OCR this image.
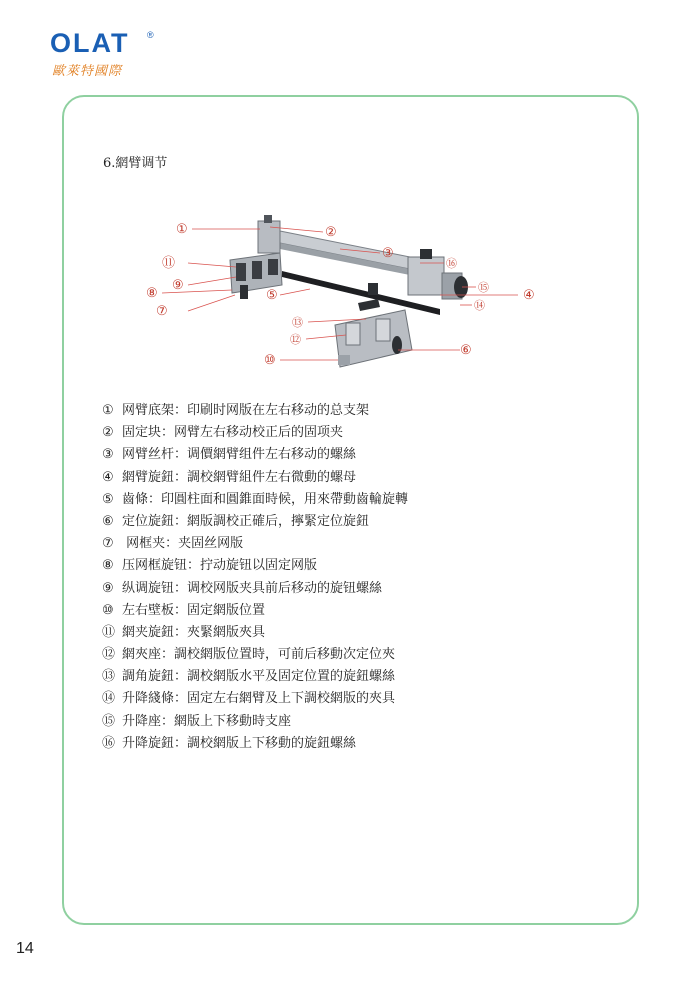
OLAT ®
歐萊特國際
6.網臂调节
①	②
③
④
⑤
⑥
⑦
⑧
⑨
⑩
⑪
⑫
⑬
⑭
⑮
⑯
① 网臂底架：印刷时网版在左右移动的总支架
② 固定块：网臂左右移动校正后的固项夹
③ 网臂丝杆：调價網臂组件左右移动的螺絲
④ 網臂旋鈕：調校網臂組件左右微動的螺母
⑤ 齒條：印圓柱面和圓錐面時候，用來帶動齒輪旋轉
⑥ 定位旋鈕：網版調校正確后，擰緊定位旋鈕
⑦ 网框夹：夹固丝网版
⑧ 压网框旋钮：拧动旋钮以固定网版
⑨ 纵调旋钮：调校网版夹具前后移动的旋钮螺絲
⑩ 左右壁板：固定網版位置
⑪ 網夹旋鈕：夾緊網版夾具
⑫ 網夾座：調校網版位置時，可前后移動次定位夾
⑬ 調角旋鈕：調校網版水平及固定位置的旋鈕螺絲
⑭ 升降綫條：固定左右網臂及上下調校網版的夾具
⑮ 升降座：網版上下移動時支座
⑯ 升降旋鈕：調校網版上下移動的旋鈕螺絲
14
